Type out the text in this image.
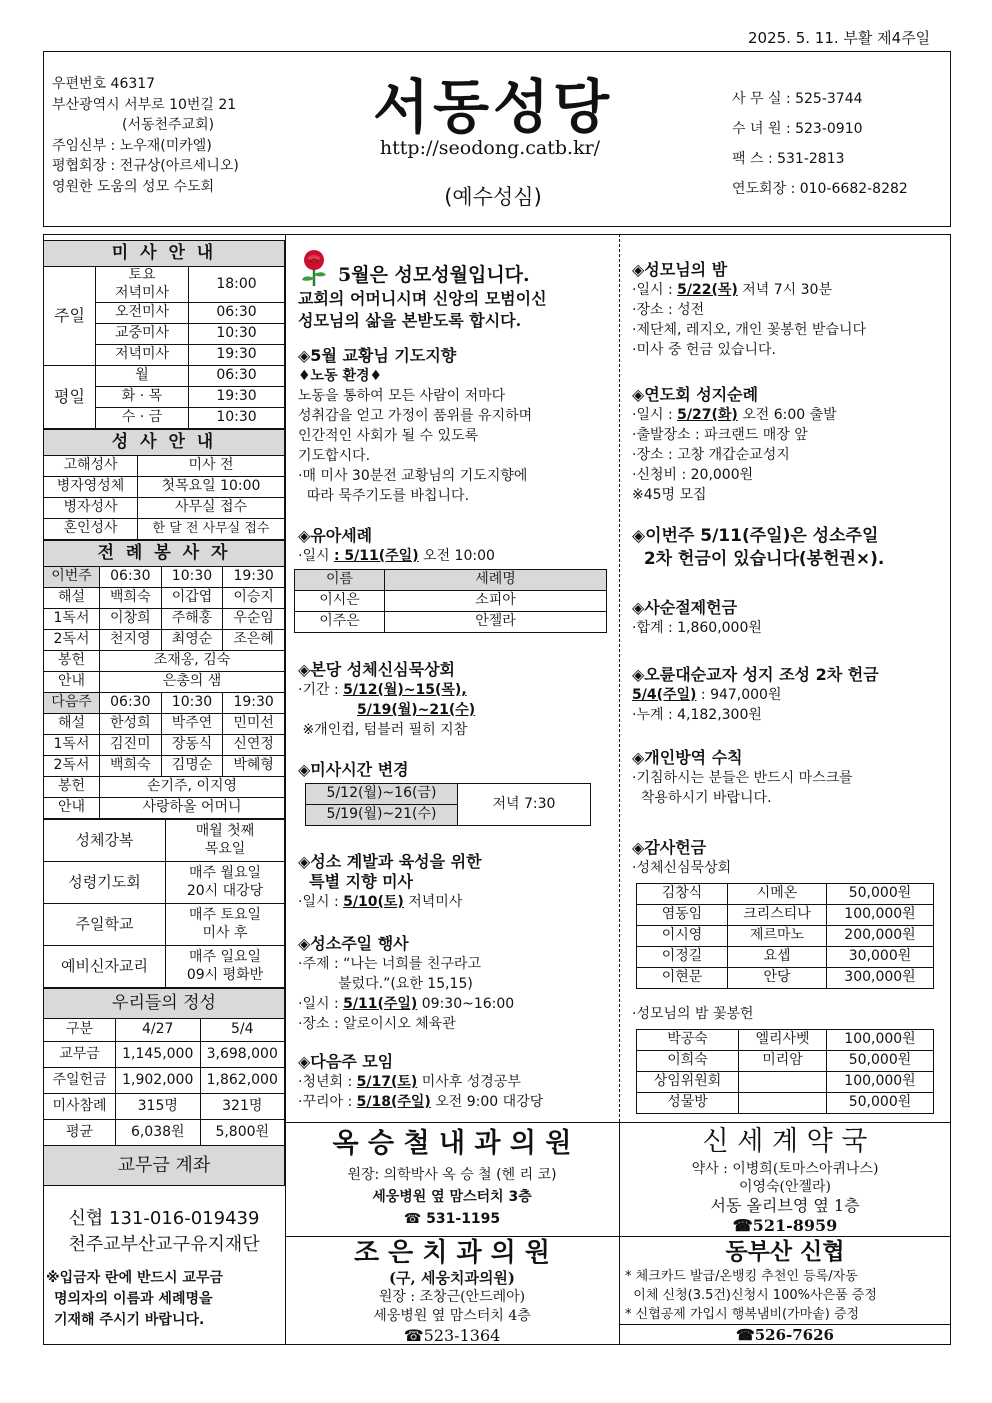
2025. 5. 11. 부활 제4주일
우편번호 46317
부산광역시 서부로 10번길 21
(서동천주교회)
주임신부 : 노우재(미카엘)
평협회장 : 전규상(아르세니오)
영원한 도움의 성모 수도회
서동성당
http://seodong.catb.kr/
(예수성심)
사 무 실 : 525-3744
수 녀 원 : 523-0910
팩 스 : 531-2813
연도회장 : 010-6682-8282
미 사 안 내		
주일	토요
저녁미사	18:00
	오전미사	06:30
	교중미사	10:30
	저녁미사	19:30
평일	월	06:30
	화 · 목	19:30
	수 · 금	10:30
성 사 안 내	
고해성사	미사 전
병자영성체	첫목요일 10:00
병자성사	사무실 접수
혼인성사	한 달 전 사무실 접수
전 례 봉 사 자			
이번주	06:30	10:30	19:30
해설	백희숙	이갑엽	이승지
1독서	이창희	주해홍	우순임
2독서	천지영	최영순	조은혜
봉헌	조재옹, 김숙		
안내	은총의 샘		
다음주	06:30	10:30	19:30
해설	한성희	박주연	민미선
1독서	김진미	장동식	신연정
2독서	백희숙	김명순	박혜형
봉헌	손기주, 이지영		
안내	사랑하올 어머니		
성체강복	매월 첫째
목요일
성령기도회	매주 월요일
20시 대강당
주일학교	매주 토요일
미사 후
예비신자교리	매주 일요일
09시 평화반
우리들의 정성		
구분	4/27	5/4
교무금	1,145,000	3,698,000
주일헌금	1,902,000	1,862,000
미사참례	315명	321명
평균	6,038원	5,800원
교무금 계좌
신협 131-016-019439
천주교부산교구유지재단
※입금자 란에 반드시 교무금
명의자의 이름과 세례명을
기재해 주시기 바랍니다.
5월은 성모성월입니다.
교회의 어머니시며 신앙의 모범이신
성모님의 삶을 본받도록 합시다.
◈5월 교황님 기도지향
♦노동 환경♦
노동을 통하여 모든 사람이 저마다
성취감을 얻고 가정이 품위를 유지하며
인간적인 사회가 될 수 있도록
기도합시다.
·매 미사 30분전 교황님의 기도지향에
따라 묵주기도를 바칩니다.
◈유아세례
·일시 : 5/11(주일) 오전 10:00
이름	세례명
이시은	소피아
이주은	안젤라
◈본당 성체신심묵상회
·기간 : 5/12(월)~15(목),
5/19(월)~21(수)
※개인컵, 텀블러 필히 지참
◈미사시간 변경
5/12(월)~16(금)	저녁 7:30
5/19(월)~21(수)
◈성소 계발과 육성을 위한
특별 지향 미사
·일시 : 5/10(토) 저녁미사
◈성소주일 행사
·주제 : “나는 너희를 친구라고
불렀다.”(요한 15,15)
·일시 : 5/11(주일) 09:30~16:00
·장소 : 알로이시오 체육관
◈다음주 모임
·청년회 : 5/17(토) 미사후 성경공부
·꾸리아 : 5/18(주일) 오전 9:00 대강당
◈성모님의 밤
·일시 : 5/22(목) 저녁 7시 30분
·장소 : 성전
·제단체, 레지오, 개인 꽃봉헌 받습니다
·미사 중 헌금 있습니다.
◈연도회 성지순례
·일시 : 5/27(화) 오전 6:00 출발
·출발장소 : 파크랜드 매장 앞
·장소 : 고창 개갑순교성지
·신청비 : 20,000원
※45명 모집
◈이번주 5/11(주일)은 성소주일
2차 헌금이 있습니다(봉헌권×).
◈사순절제헌금
·합계 : 1,860,000원
◈오륜대순교자 성지 조성 2차 헌금
5/4(주일) : 947,000원
·누계 : 4,182,300원
◈개인방역 수칙
·기침하시는 분들은 반드시 마스크를
착용하시기 바랍니다.
◈감사헌금
·성체신심묵상회
김창식	시메온	50,000원
염동임	크리스티나	100,000원
이시영	제르마노	200,000원
이정길	요셉	30,000원
이현문	안당	300,000원
·성모님의 밤 꽃봉헌
박공숙	엘리사벳	100,000원
이희숙	미리암	50,000원
상임위원회		100,000원
성물방		50,000원
옥 승 철 내 과 의 원
원장: 의학박사 옥 승 철 (헨 리 코)
세웅병원 옆 맘스터치 3층
☎ 531-1195
신 세 계 약 국
약사 : 이병희(토마스아퀴나스)
이영숙(안젤라)
서동 올리브영 옆 1층
☎521-8959
조 은 치 과 의 원
(구, 세웅치과의원)
원장 : 조창근(안드레아)
세웅병원 옆 맘스터치 4층
☎523-1364
동부산 신협
* 체크카드 발급/온뱅킹 추천인 등록/자동
이체 신청(3.5건)신청시 100%사은품 증정
* 신협공제 가입시 행복냄비(가마솥) 증정
☎526-7626
